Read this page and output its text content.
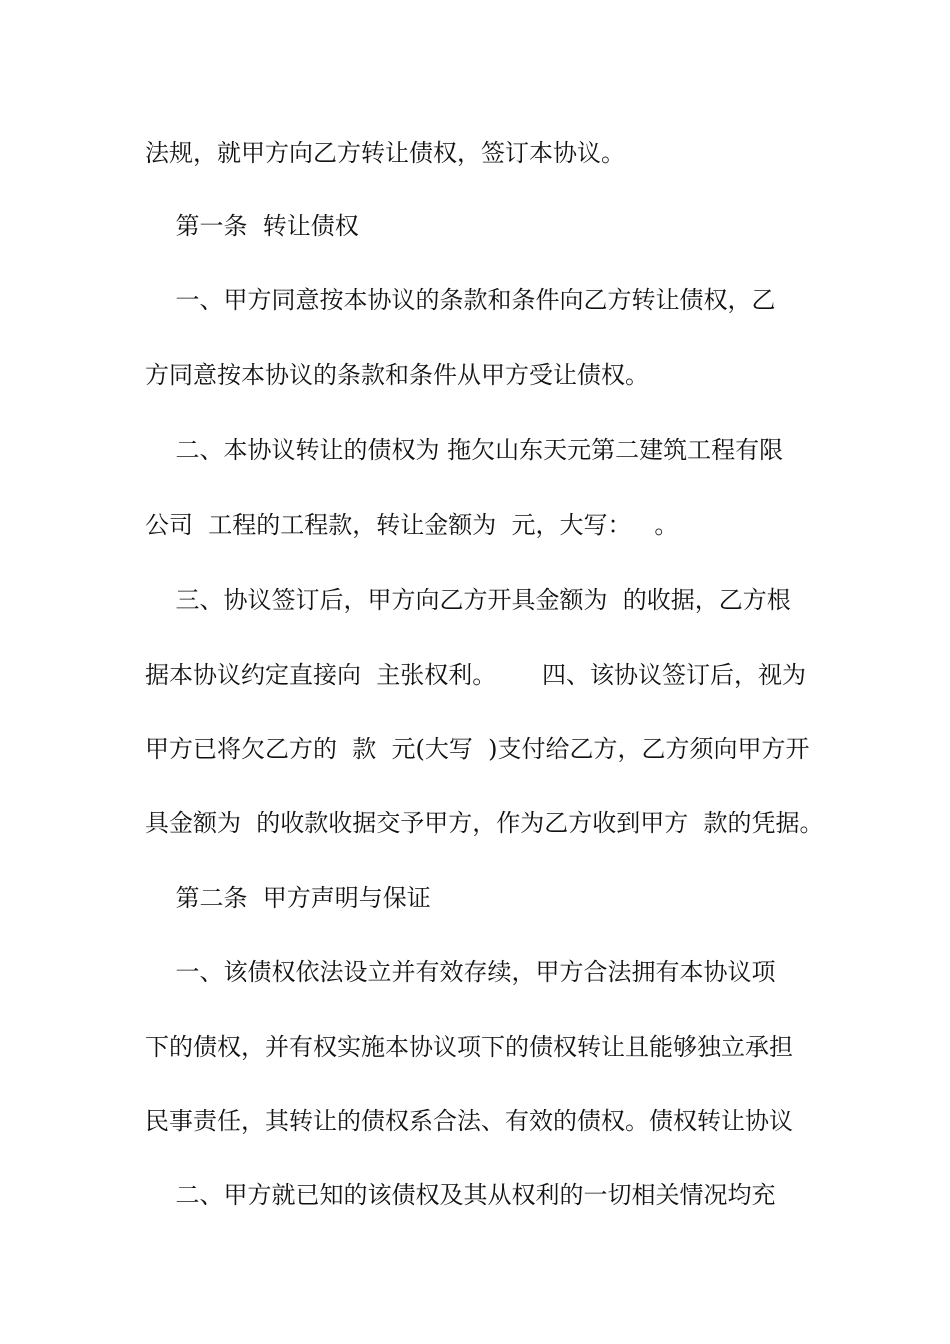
法规，就甲方向乙方转让债权，签订本协议。
第一条  转让债权
一、甲方同意按本协议的条款和条件向乙方转让债权，乙
方同意按本协议的条款和条件从甲方受让债权。
二、本协议转让的债权为 拖欠山东天元第二建筑工程有限
公司  工程的工程款，转让金额为  元，大写：   。
三、协议签订后，甲方向乙方开具金额为  的收据，乙方根
据本协议约定直接向  主张权利。      四、该协议签订后，视为
甲方已将欠乙方的  款  元(大写  )支付给乙方，乙方须向甲方开
具金额为  的收款收据交予甲方，作为乙方收到甲方  款的凭据。
第二条  甲方声明与保证
一、该债权依法设立并有效存续，甲方合法拥有本协议项
下的债权，并有权实施本协议项下的债权转让且能够独立承担
民事责任，其转让的债权系合法、有效的债权。债权转让协议
二、甲方就已知的该债权及其从权利的一切相关情况均充
